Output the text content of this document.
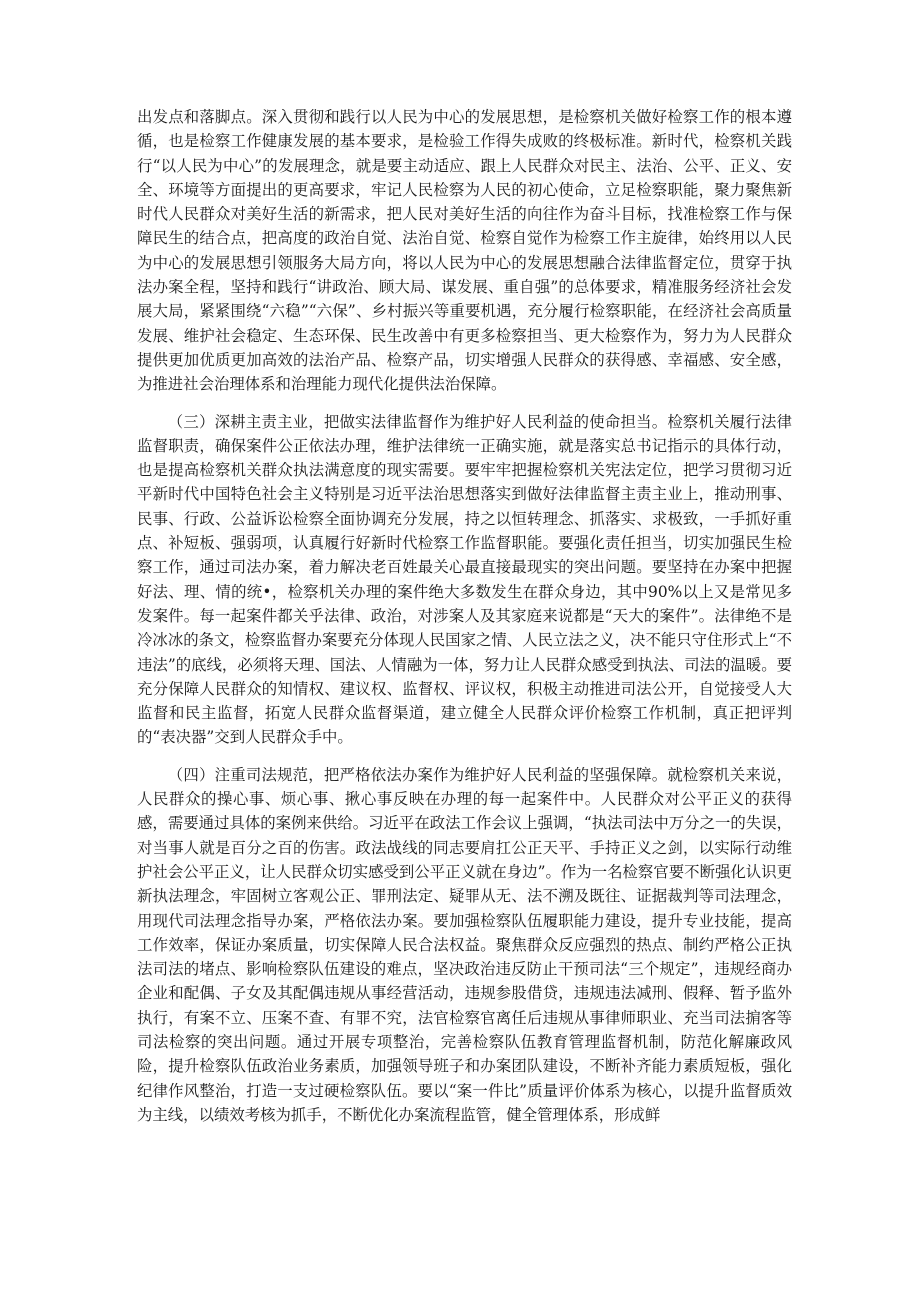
出发点和落脚点。深入贯彻和践行以人民为中心的发展思想，是检察机关做好检察工作的根本遵循，也是检察工作健康发展的基本要求，是检验工作得失成败的终极标准。新时代，检察机关践行“以人民为中心”的发展理念，就是要主动适应、跟上人民群众对民主、法治、公平、正义、安全、环境等方面提出的更高要求，牢记人民检察为人民的初心使命，立足检察职能，聚力聚焦新时代人民群众对美好生活的新需求，把人民对美好生活的向往作为奋斗目标，找准检察工作与保障民生的结合点，把高度的政治自觉、法治自觉、检察自觉作为检察工作主旋律，始终用以人民为中心的发展思想引领服务大局方向，将以人民为中心的发展思想融合法律监督定位，贯穿于执法办案全程，坚持和践行“讲政治、顾大局、谋发展、重自强”的总体要求，精准服务经济社会发展大局，紧紧围绕“六稳”“六保”、乡村振兴等重要机遇，充分履行检察职能，在经济社会高质量发展、维护社会稳定、生态环保、民生改善中有更多检察担当、更大检察作为，努力为人民群众提供更加优质更加高效的法治产品、检察产品，切实增强人民群众的获得感、幸福感、安全感，为推进社会治理体系和治理能力现代化提供法治保障。

（三）深耕主责主业，把做实法律监督作为维护好人民利益的使命担当。检察机关履行法律监督职责，确保案件公正依法办理，维护法律统一正确实施，就是落实总书记指示的具体行动，也是提高检察机关群众执法满意度的现实需要。要牢牢把握检察机关宪法定位，把学习贯彻习近平新时代中国特色社会主义特别是习近平法治思想落实到做好法律监督主责主业上，推动刑事、民事、行政、公益诉讼检察全面协调充分发展，持之以恒转理念、抓落实、求极致，一手抓好重点、补短板、强弱项，认真履行好新时代检察工作监督职能。要强化责任担当，切实加强民生检察工作，通过司法办案，着力解决老百姓最关心最直接最现实的突出问题。要坚持在办案中把握好法、理、情的统•，检察机关办理的案件绝大多数发生在群众身边，其中90%以上又是常见多发案件。每一起案件都关乎法律、政治，对涉案人及其家庭来说都是“天大的案件”。法律绝不是冷冰冰的条文，检察监督办案要充分体现人民国家之情、人民立法之义，决不能只守住形式上“不违法”的底线，必须将天理、国法、人情融为一体，努力让人民群众感受到执法、司法的温暖。要充分保障人民群众的知情权、建议权、监督权、评议权，积极主动推进司法公开，自觉接受人大监督和民主监督，拓宽人民群众监督渠道，建立健全人民群众评价检察工作机制，真正把评判的“表决器”交到人民群众手中。

（四）注重司法规范，把严格依法办案作为维护好人民利益的坚强保障。就检察机关来说，人民群众的操心事、烦心事、揪心事反映在办理的每一起案件中。人民群众对公平正义的获得感，需要通过具体的案例来供给。习近平在政法工作会议上强调，“执法司法中万分之一的失误，对当事人就是百分之百的伤害。政法战线的同志要肩扛公正天平、手持正义之剑，以实际行动维护社会公平正义，让人民群众切实感受到公平正义就在身边”。作为一名检察官要不断强化认识更新执法理念，牢固树立客观公正、罪刑法定、疑罪从无、法不溯及既往、证据裁判等司法理念，用现代司法理念指导办案，严格依法办案。要加强检察队伍履职能力建设，提升专业技能，提高工作效率，保证办案质量，切实保障人民合法权益。聚焦群众反应强烈的热点、制约严格公正执法司法的堵点、影响检察队伍建设的难点，坚决政治违反防止干预司法“三个规定”，违规经商办企业和配偶、子女及其配偶违规从事经营活动，违规参股借贷，违规违法减刑、假释、暂予监外执行，有案不立、压案不查、有罪不究，法官检察官离任后违规从事律师职业、充当司法掮客等司法检察的突出问题。通过开展专项整治，完善检察队伍教育管理监督机制，防范化解廉政风险，提升检察队伍政治业务素质，加强领导班子和办案团队建设，不断补齐能力素质短板，强化纪律作风整治，打造一支过硬检察队伍。要以“案一件比”质量评价体系为核心，以提升监督质效为主线，以绩效考核为抓手，不断优化办案流程监管，健全管理体系，形成鲜
